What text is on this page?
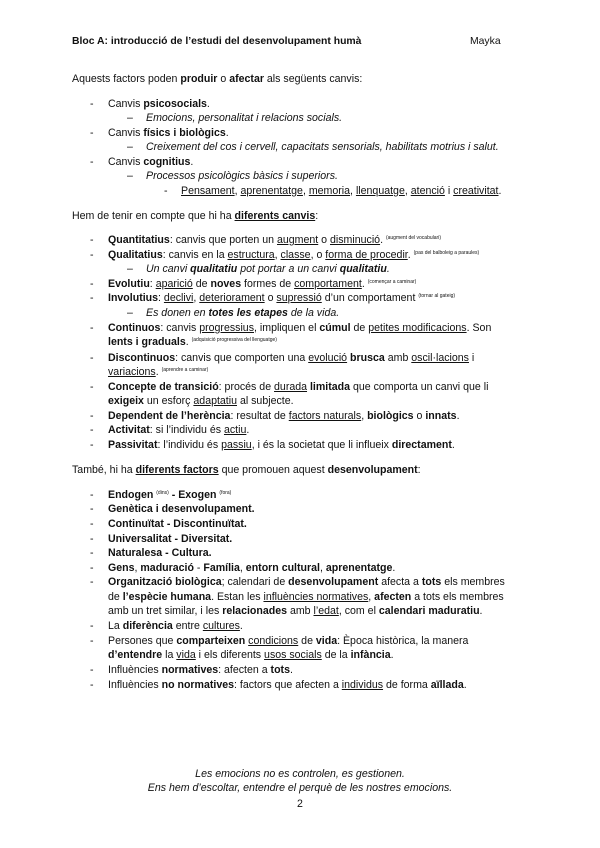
Bloc A: introducció de l’estudi del desenvolupament humà	Mayka
Aquests factors poden produir o afectar als següents canvis:
- Canvis psicosocials.
– Emocions, personalitat i relacions socials.
- Canvis físics i biològics.
– Creixement del cos i cervell, capacitats sensorials, habilitats motrius i salut.
- Canvis cognitius.
– Processos psicològics bàsics i superiors.
- Pensament, aprenentatge, memoria, llenquatge, atenció i creativitat.
Hem de tenir en compte que hi ha diferents canvis:
- Quantitatius: canvis que porten un augment o disminució. $^{(augment del vocabulari)}$
- Qualitatius: canvis en la estructura, classe, o forma de procedir. $^{(pas del balboleig a paraules)}$
– Un canvi qualitatiu pot portar a un canvi qualitatiu.
- Evolutiu: aparició de noves formes de comportament. $^{(començar a caminar)}$
- Involutius: declivi, deteriorament o supressió d’un comportament $^{(tornar al gateig)}$
– Es donen en totes les etapes de la vida.
- Continuos: canvis progressius, impliquen el cúmul de petites modificacions. Son
lents i graduals. $^{(adquisició progressiva del llenguatge)}$
- Discontinuos: canvis que comporten una evolució brusca amb oscil·lacions i
variacions. $^{(aprendre a caminar)}$
- Concepte de transició: procés de durada limitada que comporta un canvi que li
exigeix un esforç adaptatiu al subjecte.
- Dependent de l’herència: resultat de factors naturals, biològics o innats.
- Activitat: si l’individu és actiu.
- Passivitat: l’individu és passiu, i és la societat que li influeix directament.
També, hi ha diferents factors que promouen aquest desenvolupament:
- Endogen $^{(dins)}$ - Exogen $^{(fora)}$
- Genètica i desenvolupament.
- Continuïtat - Discontinuïtat.
- Universalitat - Diversitat.
- Naturalesa - Cultura.
- Gens, maduració - Família, entorn cultural, aprenentatge.
- Organització biològica; calendari de desenvolupament afecta a tots els membres
de l’espècie humana. Estan les influències normatives, afecten a tots els membres
amb un tret similar, i les relacionades amb l’edat, com el calendari maduratiu.
- La diferència entre cultures.
- Persones que comparteixen condicions de vida: Època històrica, la manera
d’entendre la vida i els diferents usos socials de la infància.
- Influències normatives: afecten a tots.
- Influències no normatives: factors que afecten a individus de forma aïllada.
Les emocions no es controlen, es gestionen.
Ens hem d’escoltar, entendre el perquè de les nostres emocions.
2
